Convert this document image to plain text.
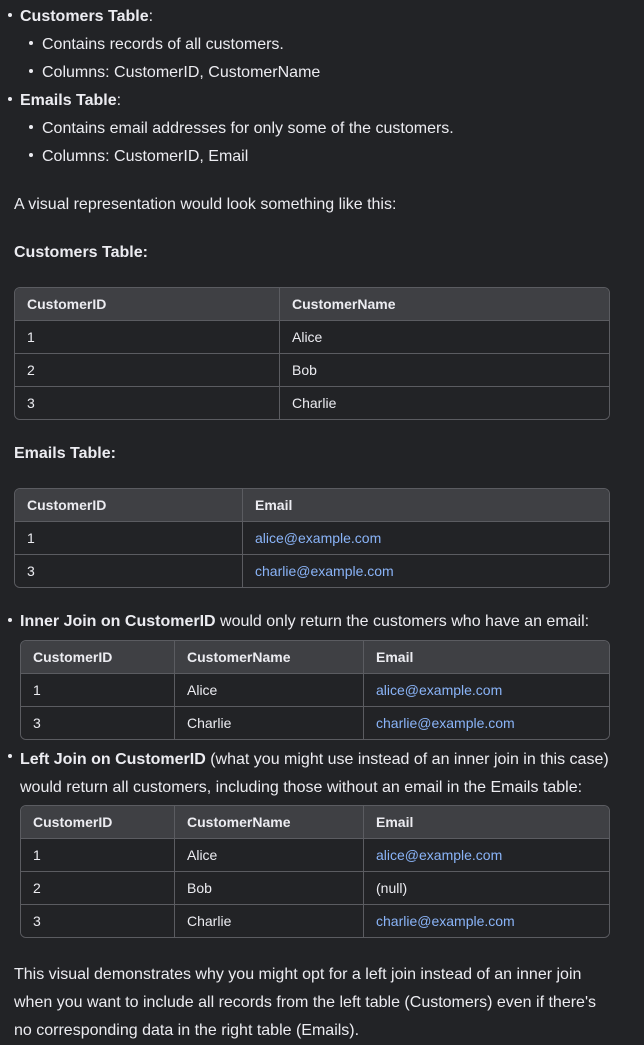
Customers Table:
Contains records of all customers.
Columns: CustomerID, CustomerName
Emails Table:
Contains email addresses for only some of the customers.
Columns: CustomerID, Email

A visual representation would look something like this:

Customers Table:

CustomerID	CustomerName
1	Alice
2	Bob
3	Charlie

Emails Table:

CustomerID	Email
1	alice@example.com
3	charlie@example.com
Inner Join on CustomerID would only return the customers who have an email:
CustomerID	CustomerName	Email
1	Alice	alice@example.com
3	Charlie	charlie@example.com
Left Join on CustomerID (what you might use instead of an inner join in this case)
would return all customers, including those without an email in the Emails table:
CustomerID	CustomerName	Email
1	Alice	alice@example.com
2	Bob	(null)
3	Charlie	charlie@example.com

This visual demonstrates why you might opt for a left join instead of an inner join
when you want to include all records from the left table (Customers) even if there's
no corresponding data in the right table (Emails).
